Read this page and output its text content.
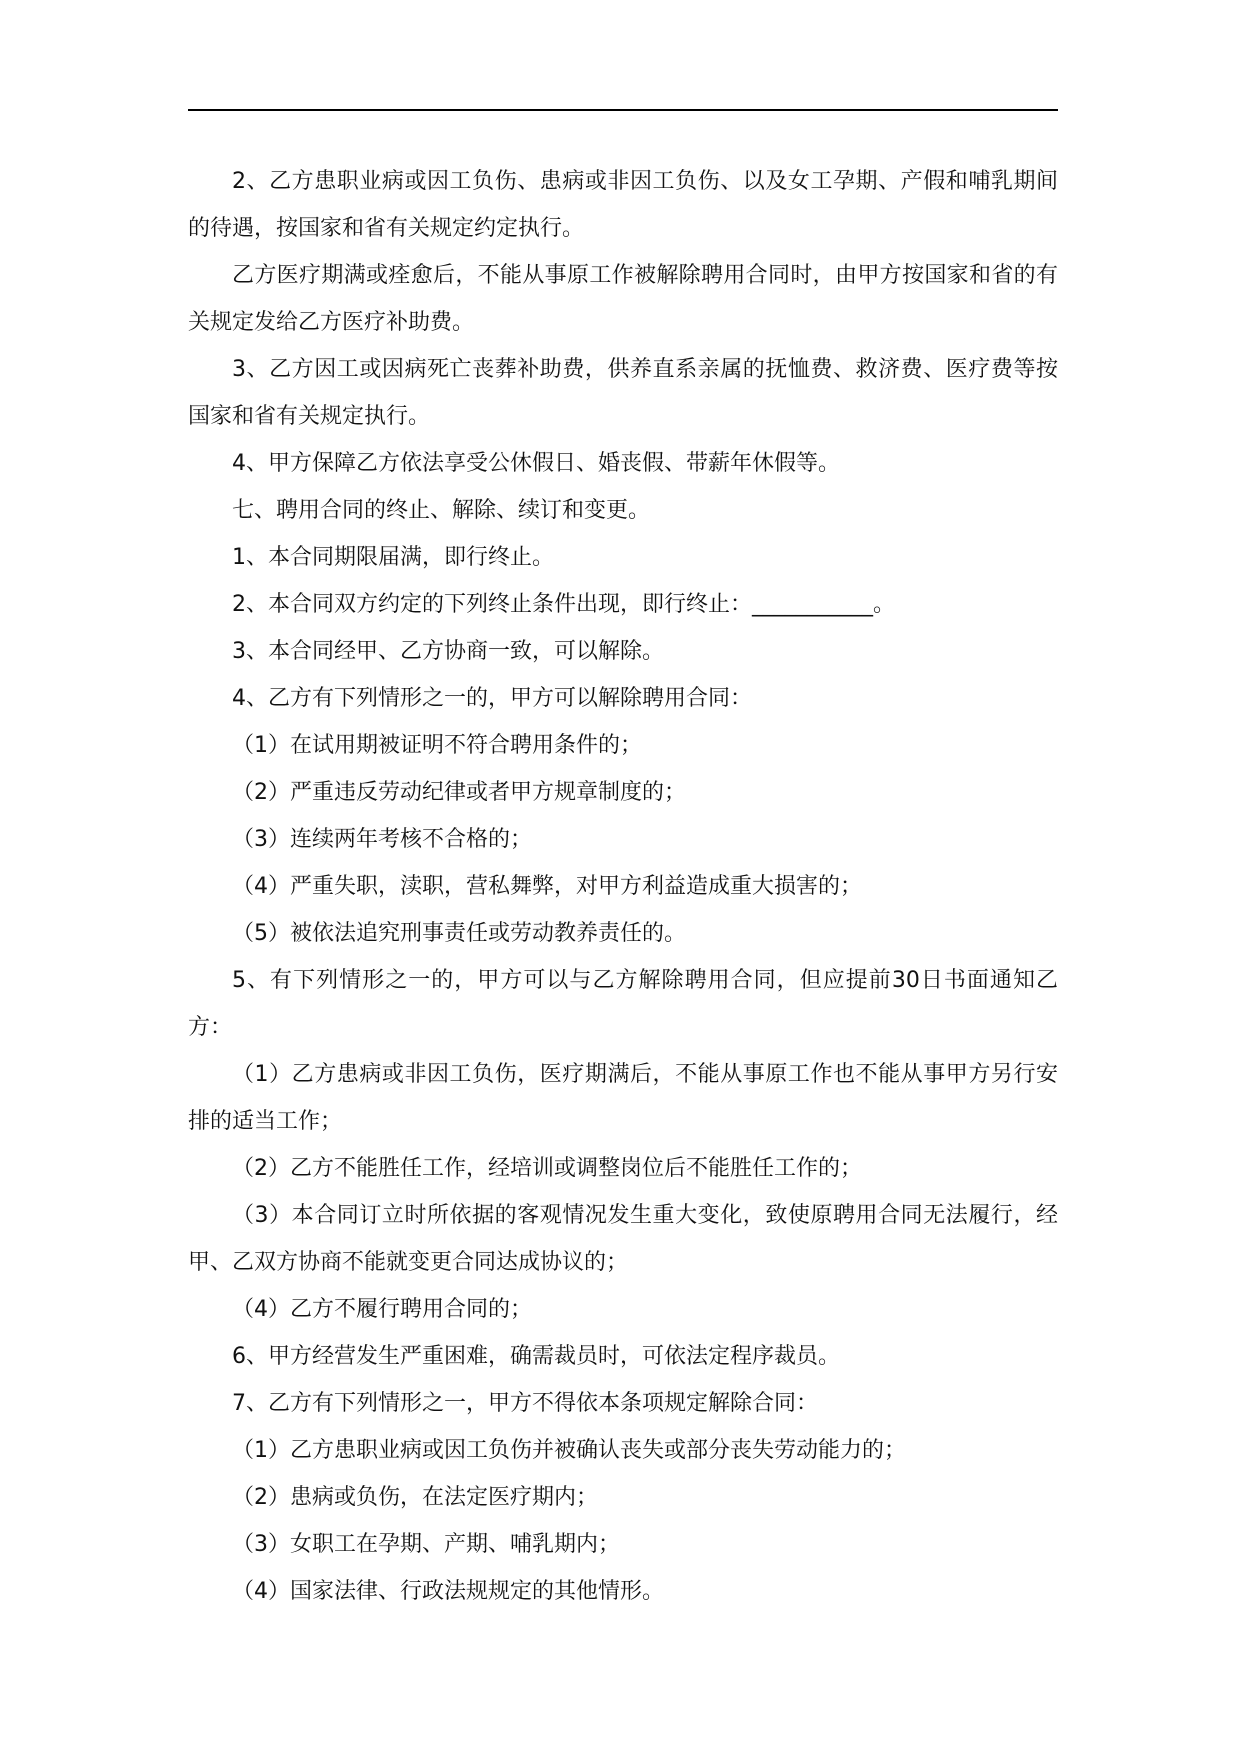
2、乙方患职业病或因工负伤、患病或非因工负伤、以及女工孕期、产假和哺乳期间的待遇，按国家和省有关规定约定执行。

乙方医疗期满或痊愈后，不能从事原工作被解除聘用合同时，由甲方按国家和省的有关规定发给乙方医疗补助费。

3、乙方因工或因病死亡丧葬补助费，供养直系亲属的抚恤费、救济费、医疗费等按国家和省有关规定执行。

4、甲方保障乙方依法享受公休假日、婚丧假、带薪年休假等。

七、聘用合同的终止、解除、续订和变更。

1、本合同期限届满，即行终止。

2、本合同双方约定的下列终止条件出现，即行终止：___________。

3、本合同经甲、乙方协商一致，可以解除。

4、乙方有下列情形之一的，甲方可以解除聘用合同：

（1）在试用期被证明不符合聘用条件的；

（2）严重违反劳动纪律或者甲方规章制度的；

（3）连续两年考核不合格的；

（4）严重失职，渎职，营私舞弊，对甲方利益造成重大损害的；

（5）被依法追究刑事责任或劳动教养责任的。

5、有下列情形之一的，甲方可以与乙方解除聘用合同，但应提前30日书面通知乙方：

（1）乙方患病或非因工负伤，医疗期满后，不能从事原工作也不能从事甲方另行安排的适当工作；

（2）乙方不能胜任工作，经培训或调整岗位后不能胜任工作的；

（3）本合同订立时所依据的客观情况发生重大变化，致使原聘用合同无法履行，经甲、乙双方协商不能就变更合同达成协议的；

（4）乙方不履行聘用合同的；

6、甲方经营发生严重困难，确需裁员时，可依法定程序裁员。

7、乙方有下列情形之一，甲方不得依本条项规定解除合同：

（1）乙方患职业病或因工负伤并被确认丧失或部分丧失劳动能力的；

（2）患病或负伤，在法定医疗期内；

（3）女职工在孕期、产期、哺乳期内；

（4）国家法律、行政法规规定的其他情形。
